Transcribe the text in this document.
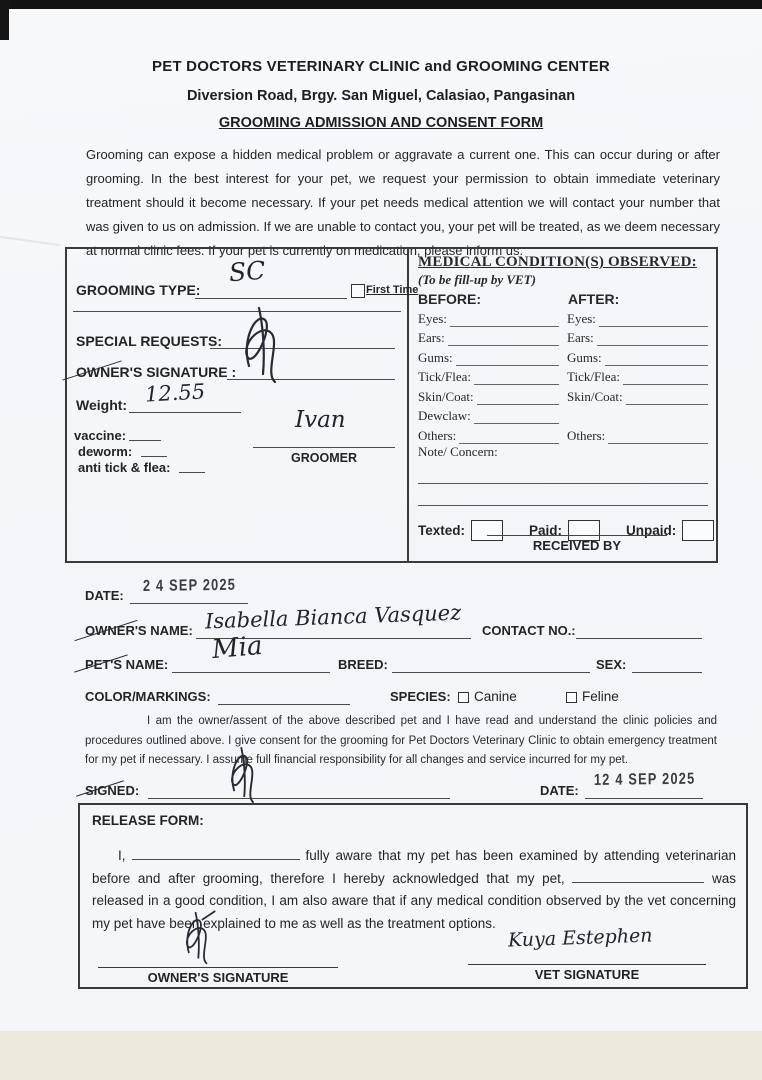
PET DOCTORS VETERINARY CLINIC and GROOMING CENTER
Diversion Road, Brgy. San Miguel, Calasiao, Pangasinan
GROOMING ADMISSION AND CONSENT FORM
Grooming can expose a hidden medical problem or aggravate a current one. This can occur during or after grooming. In the best interest for your pet, we request your permission to obtain immediate veterinary treatment should it become necessary. If your pet needs medical attention we will contact your number that was given to us on admission. If we are unable to contact you, your pet will be treated, as we deem necessary at normal clinic fees. If your pet is currently on medication, please inform us.
GROOMING TYPE:
SC
First Time
SPECIAL REQUESTS:
OWNER'S SIGNATURE :
Weight: 12.55
vaccine:
deworm:
anti tick & flea:
Ivan
GROOMER
MEDICAL CONDITION(S) OBSERVED:
(To be fill-up by VET)
BEFORE:	AFTER:
Eyes:	Eyes:
Ears:	Ears:
Gums:	Gums:
Tick/Flea:	Tick/Flea:
Skin/Coat:	Skin/Coat:
Dewclaw:
Others:	Others:
Note/ Concern:
Texted:	Paid:	Unpaid:
RECEIVED BY
DATE:
2 4 SEP 2025
OWNER'S NAME: Isabella Bianca Vasquez CONTACT NO.:
PET'S NAME: Mia	BREED:	SEX:
COLOR/MARKINGS:	SPECIES: Canine	Feline
I am the owner/assent of the above described pet and I have read and understand the clinic policies and procedures outlined above. I give consent for the grooming for Pet Doctors Veterinary Clinic to obtain emergency treatment for my pet if necessary. I assume full financial responsibility for all changes and service incurred for my pet.
SIGNED:	DATE:
12 4 SEP 2025
RELEASE FORM:
I,	fully aware that my pet has been examined by attending veterinarian before and after grooming, therefore I hereby acknowledged that my pet,	was released in a good condition, I am also aware that if any medical condition observed by the vet concerning my pet have been explained to me as well as the treatment options.
OWNER'S SIGNATURE
Kuya Estephen
VET SIGNATURE
